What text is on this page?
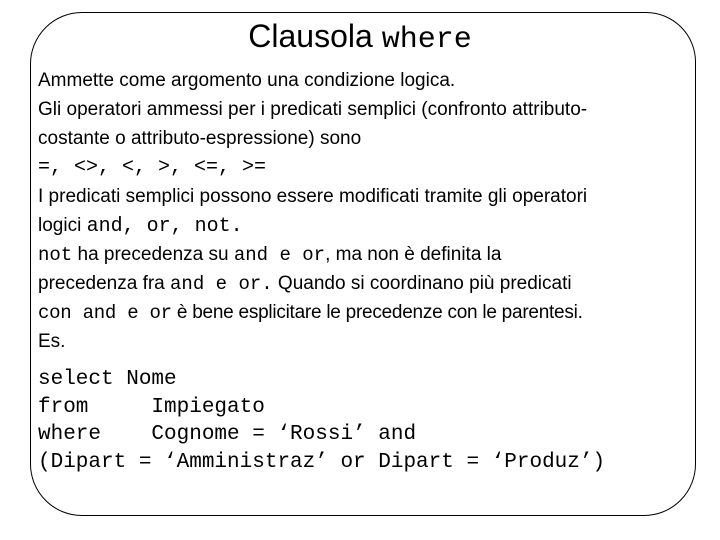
Clausola where
Ammette come argomento una condizione logica.
Gli operatori ammessi per i predicati semplici (confronto attributo-
costante o attributo-espressione) sono
=, <>, <, >, <=, >=
I predicati semplici possono essere modificati tramite gli operatori
logici and, or, not.
not ha precedenza su and e or, ma non è definita la
precedenza fra and e or. Quando si coordinano più predicati
con and e or è bene esplicitare le precedenze con le parentesi.
Es.
select Nome
from     Impiegato
where    Cognome = ‘Rossi’ and
(Dipart = ‘Amministraz’ or Dipart = ‘Produz’)
